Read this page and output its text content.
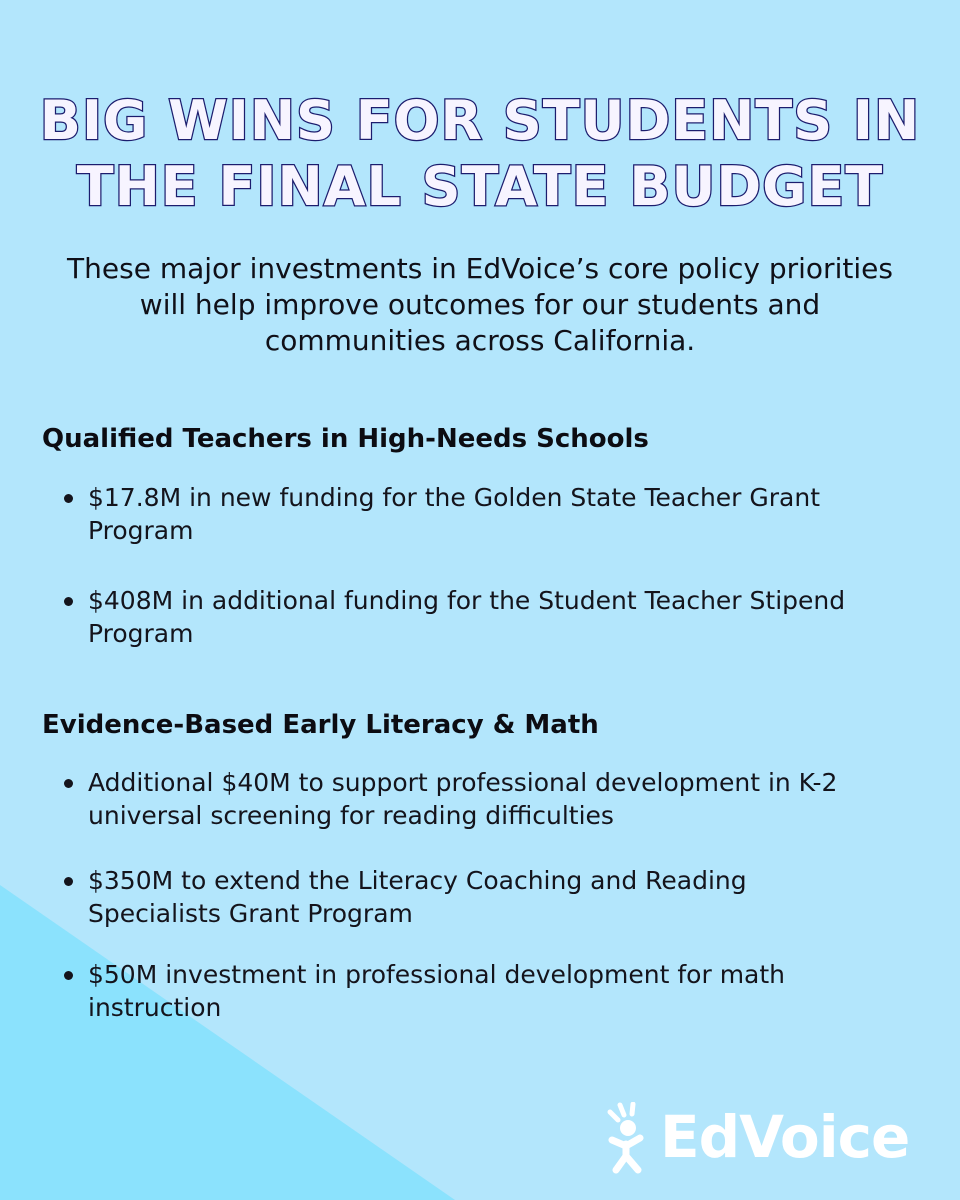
BIG WINS FOR STUDENTS IN
THE FINAL STATE BUDGET

These major investments in EdVoice’s core policy priorities will help improve outcomes for our students and communities across California.

Qualified Teachers in High-Needs Schools
$17.8M in new funding for the Golden State Teacher Grant Program
$408M in additional funding for the Student Teacher Stipend Program
Evidence-Based Early Literacy & Math
Additional $40M to support professional development in K-2 universal screening for reading difficulties
$350M to extend the Literacy Coaching and Reading Specialists Grant Program
$50M investment in professional development for math instruction
EdVoice
